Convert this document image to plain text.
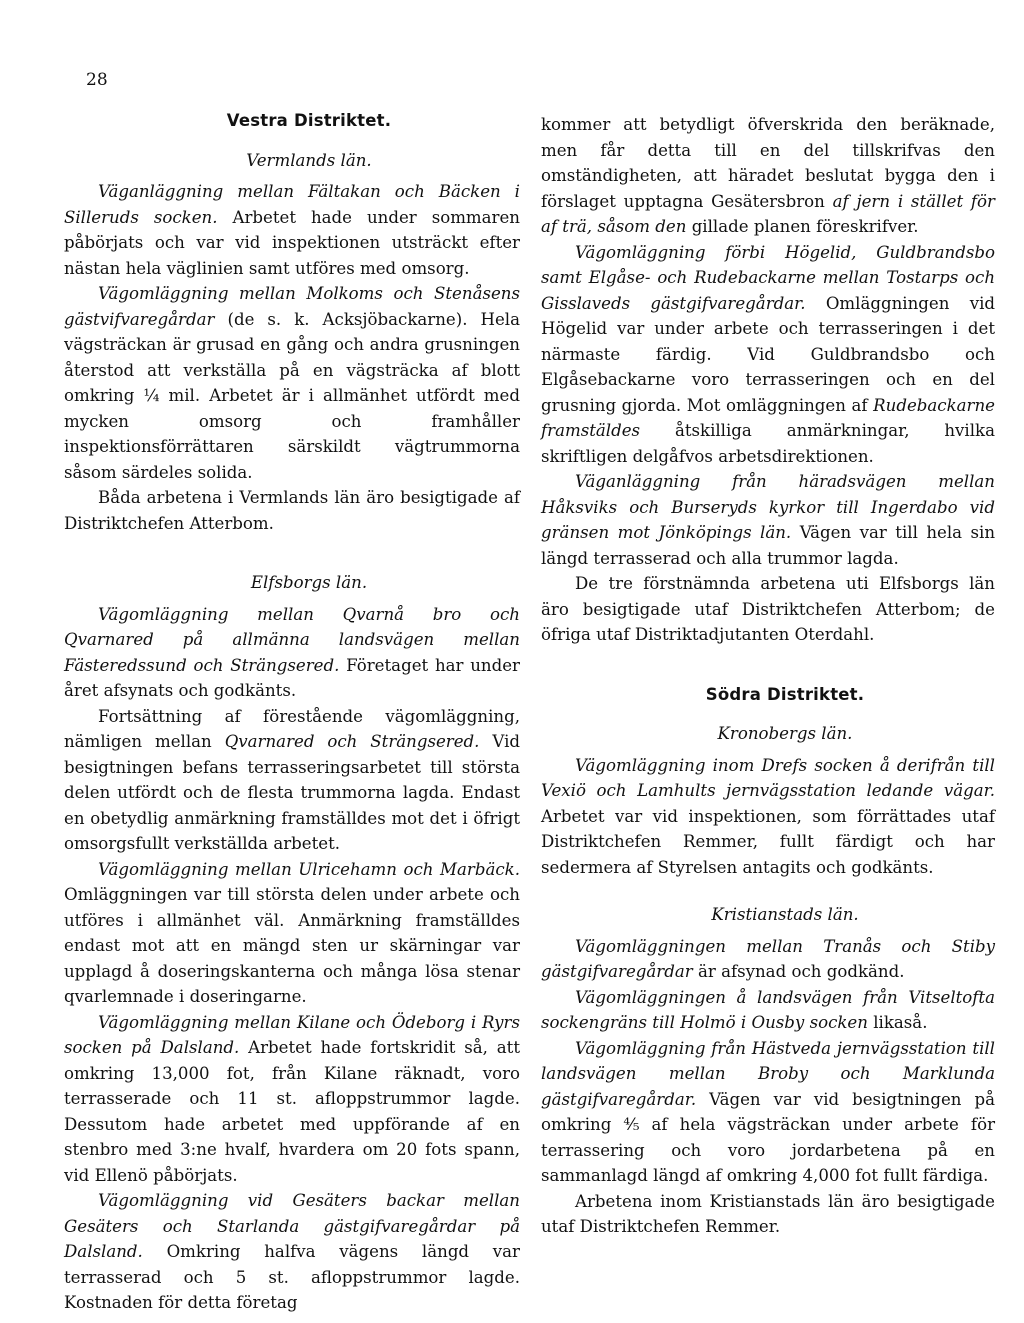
28

Vestra Distriktet.

Vermlands län.

Väganläggning mellan Fältakan och Bäcken i Silleruds socken. Arbetet hade under sommaren påbörjats och var vid inspektionen utsträckt efter nästan hela väglinien samt utföres med omsorg.

Vägomläggning mellan Molkoms och Stenåsens gästvifvaregårdar (de s. k. Acksjöbackarne). Hela vägsträckan är grusad en gång och andra grusningen återstod att verkställa på en vägsträcka af blott omkring ¼ mil. Arbetet är i allmänhet utfördt med mycken omsorg och framhåller inspektionsförrättaren särskildt vägtrummorna såsom särdeles solida.

Båda arbetena i Vermlands län äro besigtigade af Distriktchefen Atterbom.

Elfsborgs län.

Vägomläggning mellan Qvarnå bro och Qvarnared på allmänna landsvägen mellan Fästeredssund och Strängsered. Företaget har under året afsynats och godkänts.

Fortsättning af förestående vägomläggning, nämligen mellan Qvarnared och Strängsered. Vid besigtningen befans terrasseringsarbetet till största delen utfördt och de flesta trummorna lagda. Endast en obetydlig anmärkning framställdes mot det i öfrigt omsorgsfullt verkställda arbetet.

Vägomläggning mellan Ulricehamn och Marbäck. Omläggningen var till största delen under arbete och utföres i allmänhet väl. Anmärkning framställdes endast mot att en mängd sten ur skärningar var upplagd å doseringskanterna och många lösa stenar qvarlemnade i doseringarne.

Vägomläggning mellan Kilane och Ödeborg i Ryrs socken på Dalsland. Arbetet hade fortskridit så, att omkring 13,000 fot, från Kilane räknadt, voro terrasserade och 11 st. afloppstrummor lagde. Dessutom hade arbetet med uppförande af en stenbro med 3:ne hvalf, hvardera om 20 fots spann, vid Ellenö påbörjats.

Vägomläggning vid Gesäters backar mellan Gesäters och Starlanda gästgifvaregårdar på Dalsland. Omkring halfva vägens längd var terrasserad och 5 st. afloppstrummor lagde. Kostnaden för detta företag

kommer att betydligt öfverskrida den beräknade, men får detta till en del tillskrifvas den omständigheten, att häradet beslutat bygga den i förslaget upptagna Gesätersbron af jern i stället för af trä, såsom den gillade planen föreskrifver.

Vägomläggning förbi Högelid, Guldbrandsbo samt Elgåse- och Rudebackarne mellan Tostarps och Gisslaveds gästgifvaregårdar. Omläggningen vid Högelid var under arbete och terrasseringen i det närmaste färdig. Vid Guldbrandsbo och Elgåsebackarne voro terrasseringen och en del grusning gjorda. Mot omläggningen af Rudebackarne framstäldes åtskilliga anmärkningar, hvilka skriftligen delgåfvos arbetsdirektionen.

Väganläggning från häradsvägen mellan Håksviks och Burseryds kyrkor till Ingerdabo vid gränsen mot Jönköpings län. Vägen var till hela sin längd terrasserad och alla trummor lagda.

De tre förstnämnda arbetena uti Elfsborgs län äro besigtigade utaf Distriktchefen Atterbom; de öfriga utaf Distriktadjutanten Oterdahl.

Södra Distriktet.

Kronobergs län.

Vägomläggning inom Drefs socken å derifrån till Vexiö och Lamhults jernvägsstation ledande vägar. Arbetet var vid inspektionen, som förrättades utaf Distriktchefen Remmer, fullt färdigt och har sedermera af Styrelsen antagits och godkänts.

Kristianstads län.

Vägomläggningen mellan Tranås och Stiby gästgifvaregårdar är afsynad och godkänd.

Vägomläggningen å landsvägen från Vitseltofta sockengräns till Holmö i Ousby socken likaså.

Vägomläggning från Hästveda jernvägsstation till landsvägen mellan Broby och Marklunda gästgifvaregårdar. Vägen var vid besigtningen på omkring ⁴⁄₅ af hela vägsträckan under arbete för terrassering och voro jordarbetena på en sammanlagd längd af omkring 4,000 fot fullt färdiga.

Arbetena inom Kristianstads län äro besigtigade utaf Distriktchefen Remmer.
